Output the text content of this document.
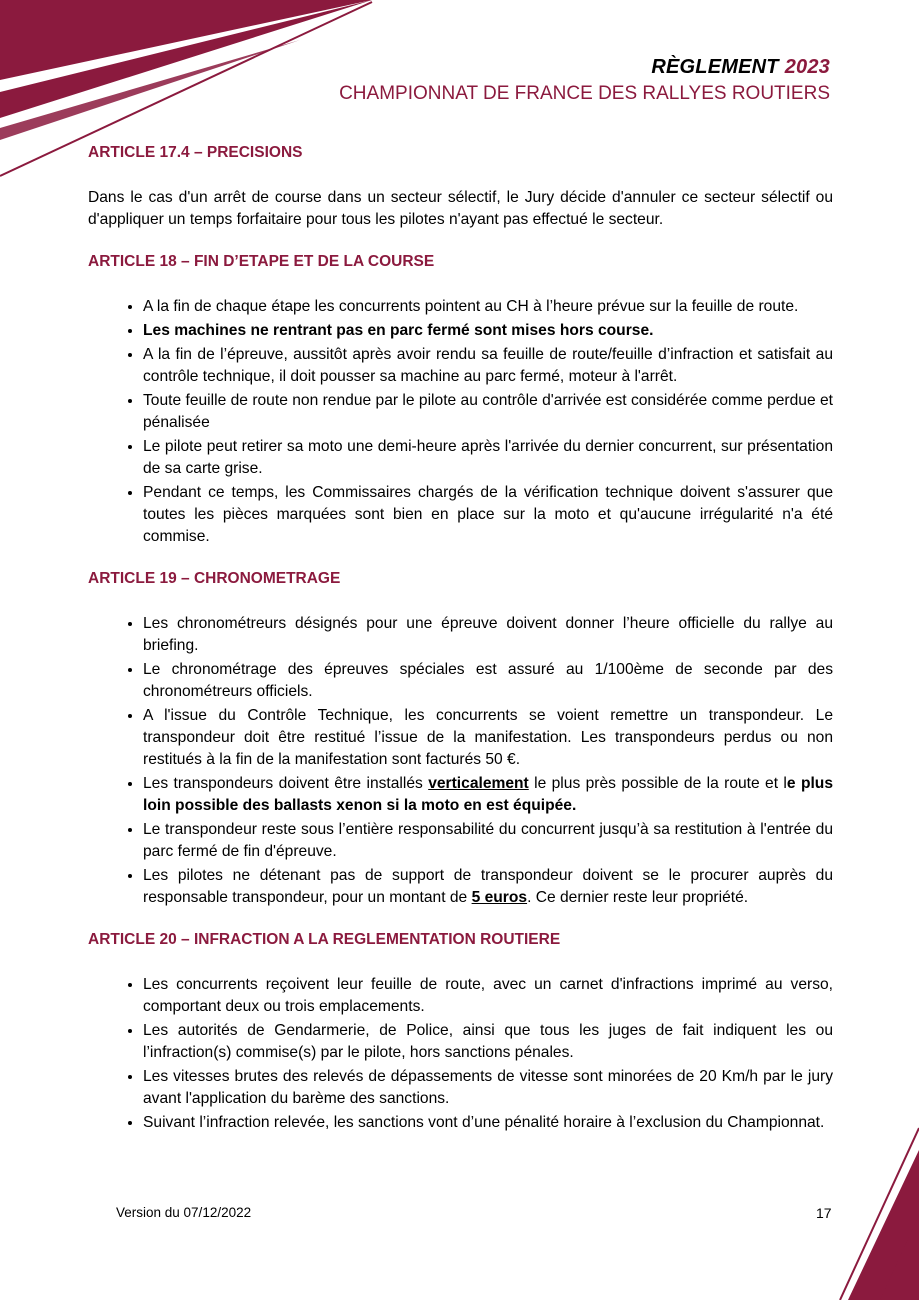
RÈGLEMENT 2023
CHAMPIONNAT DE FRANCE DES RALLYES ROUTIERS
ARTICLE 17.4 – PRECISIONS

Dans le cas d'un arrêt de course dans un secteur sélectif, le Jury décide d'annuler ce secteur sélectif ou d'appliquer un temps forfaitaire pour tous les pilotes n'ayant pas effectué le secteur.

ARTICLE 18 – FIN D’ETAPE ET DE LA COURSE
• A la fin de chaque étape les concurrents pointent au CH à l’heure prévue sur la feuille de route.
• Les machines ne rentrant pas en parc fermé sont mises hors course.
• A la fin de l’épreuve, aussitôt après avoir rendu sa feuille de route/feuille d’infraction et satisfait au contrôle technique, il doit pousser sa machine au parc fermé, moteur à l'arrêt.
• Toute feuille de route non rendue par le pilote au contrôle d'arrivée est considérée comme perdue et pénalisée
• Le pilote peut retirer sa moto une demi-heure après l'arrivée du dernier concurrent, sur présentation de sa carte grise.
• Pendant ce temps, les Commissaires chargés de la vérification technique doivent s'assurer que toutes les pièces marquées sont bien en place sur la moto et qu'aucune irrégularité n'a été commise.
ARTICLE 19 – CHRONOMETRAGE
• Les chronométreurs désignés pour une épreuve doivent donner l’heure officielle du rallye au briefing.
• Le chronométrage des épreuves spéciales est assuré au 1/100ème de seconde par des chronométreurs officiels.
• A l'issue du Contrôle Technique, les concurrents se voient remettre un transpondeur. Le transpondeur doit être restitué l’issue de la manifestation. Les transpondeurs perdus ou non restitués à la fin de la manifestation sont facturés 50 €.
• Les transpondeurs doivent être installés verticalement le plus près possible de la route et le plus loin possible des ballasts xenon si la moto en est équipée.
• Le transpondeur reste sous l’entière responsabilité du concurrent jusqu’à sa restitution à l'entrée du parc fermé de fin d'épreuve.
• Les pilotes ne détenant pas de support de transpondeur doivent se le procurer auprès du responsable transpondeur, pour un montant de 5 euros. Ce dernier reste leur propriété.
ARTICLE 20 – INFRACTION A LA REGLEMENTATION ROUTIERE
• Les concurrents reçoivent leur feuille de route, avec un carnet d'infractions imprimé au verso, comportant deux ou trois emplacements.
• Les autorités de Gendarmerie, de Police, ainsi que tous les juges de fait indiquent les ou l’infraction(s) commise(s) par le pilote, hors sanctions pénales.
• Les vitesses brutes des relevés de dépassements de vitesse sont minorées de 20 Km/h par le jury avant l'application du barème des sanctions.
• Suivant l’infraction relevée, les sanctions vont d’une pénalité horaire à l’exclusion du Championnat.
Version du 07/12/2022	17
